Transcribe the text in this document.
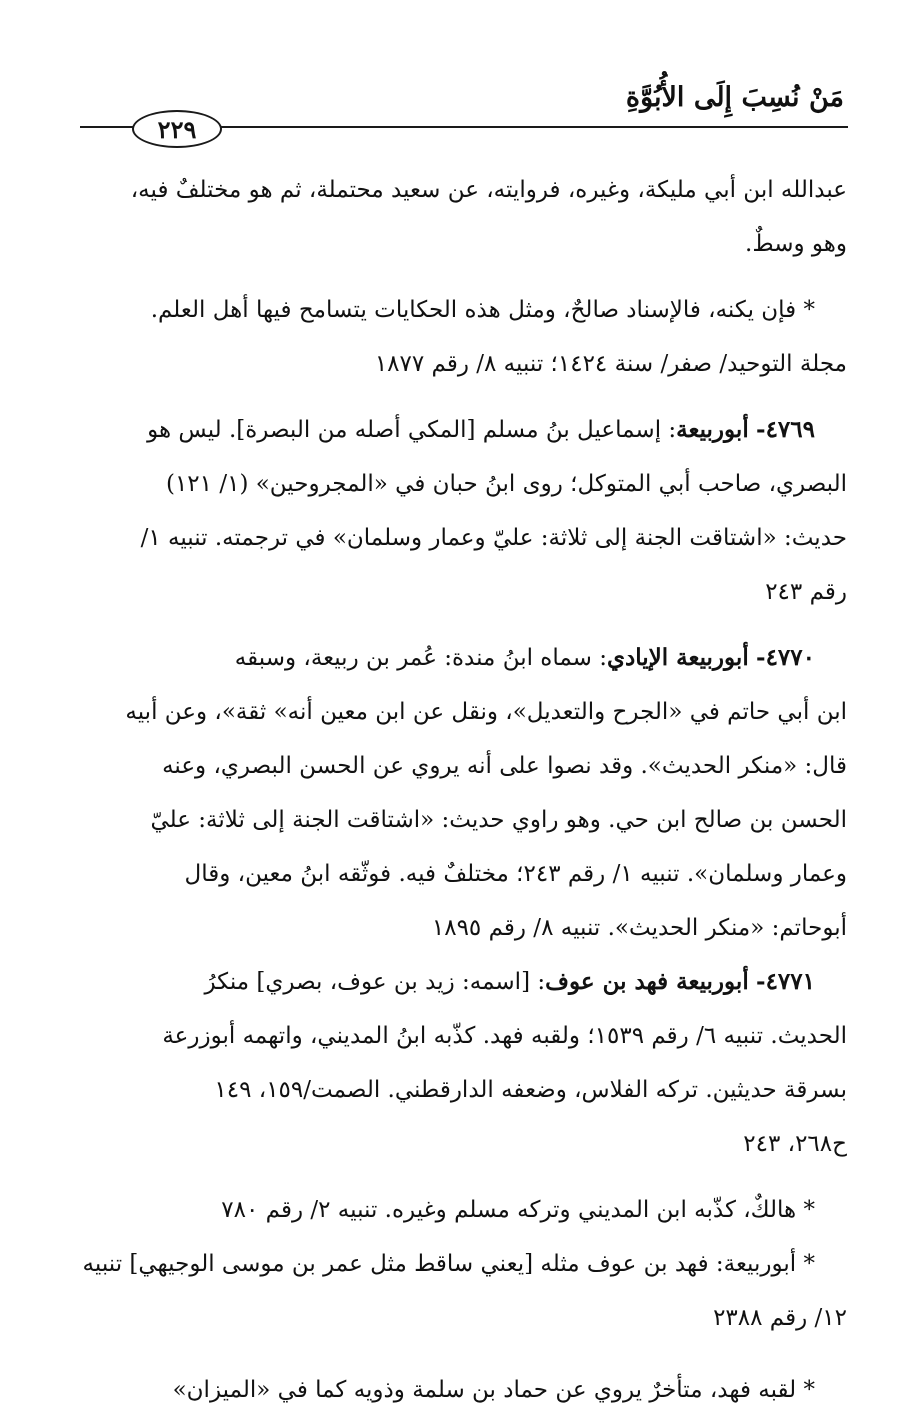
مَنْ نُسِبَ إِلَى الأُبُوَّةِ
٢٢٩
عبدالله ابن أبي مليكة، وغيره، فروايته، عن سعيد محتملة، ثم هو مختلفٌ فيه،
وهو وسطٌ.
* فإن يكنه، فالإسناد صالحٌ، ومثل هذه الحكايات يتسامح فيها أهل العلم.
مجلة التوحيد/ صفر/ سنة ١٤٢٤؛ تنبيه ٨/ رقم ١٨٧٧
٤٧٦٩- أبوربيعة: إسماعيل بنُ مسلم [المكي أصله من البصرة]. ليس هو
البصري، صاحب أبي المتوكل؛ روى ابنُ حبان في «المجروحين» (١/ ١٢١)
حديث: «اشتاقت الجنة إلى ثلاثة: عليّ وعمار وسلمان» في ترجمته. تنبيه ١/
رقم ٢٤٣
٤٧٧٠- أبوربيعة الإيادي: سماه ابنُ مندة: عُمر بن ربيعة، وسبقه
ابن أبي حاتم في «الجرح والتعديل»، ونقل عن ابن معين أنه» ثقة»، وعن أبيه
قال: «منكر الحديث». وقد نصوا على أنه يروي عن الحسن البصري، وعنه
الحسن بن صالح ابن حي. وهو راوي حديث: «اشتاقت الجنة إلى ثلاثة: عليّ
وعمار وسلمان». تنبيه ١/ رقم ٢٤٣؛ مختلفٌ فيه. فوثّقه ابنُ معين، وقال
أبوحاتم: «منكر الحديث». تنبيه ٨/ رقم ١٨٩٥
٤٧٧١- أبوربيعة فهد بن عوف: [اسمه: زيد بن عوف، بصري] منكرُ
الحديث. تنبيه ٦/ رقم ١٥٣٩؛ ولقبه فهد. كذّبه ابنُ المديني، واتهمه أبوزرعة
بسرقة حديثين. تركه الفلاس، وضعفه الدارقطني. الصمت/١٥٩، ١٤٩
ح٢٦٨، ٢٤٣
* هالكٌ، كذّبه ابن المديني وتركه مسلم وغيره. تنبيه ٢/ رقم ٧٨٠
* أبوربيعة: فهد بن عوف مثله [يعني ساقط مثل عمر بن موسى الوجيهي] تنبيه
١٢/ رقم ٢٣٨٨
* لقبه فهد، متأخرٌ يروي عن حماد بن سلمة وذويه كما في «الميزان»
